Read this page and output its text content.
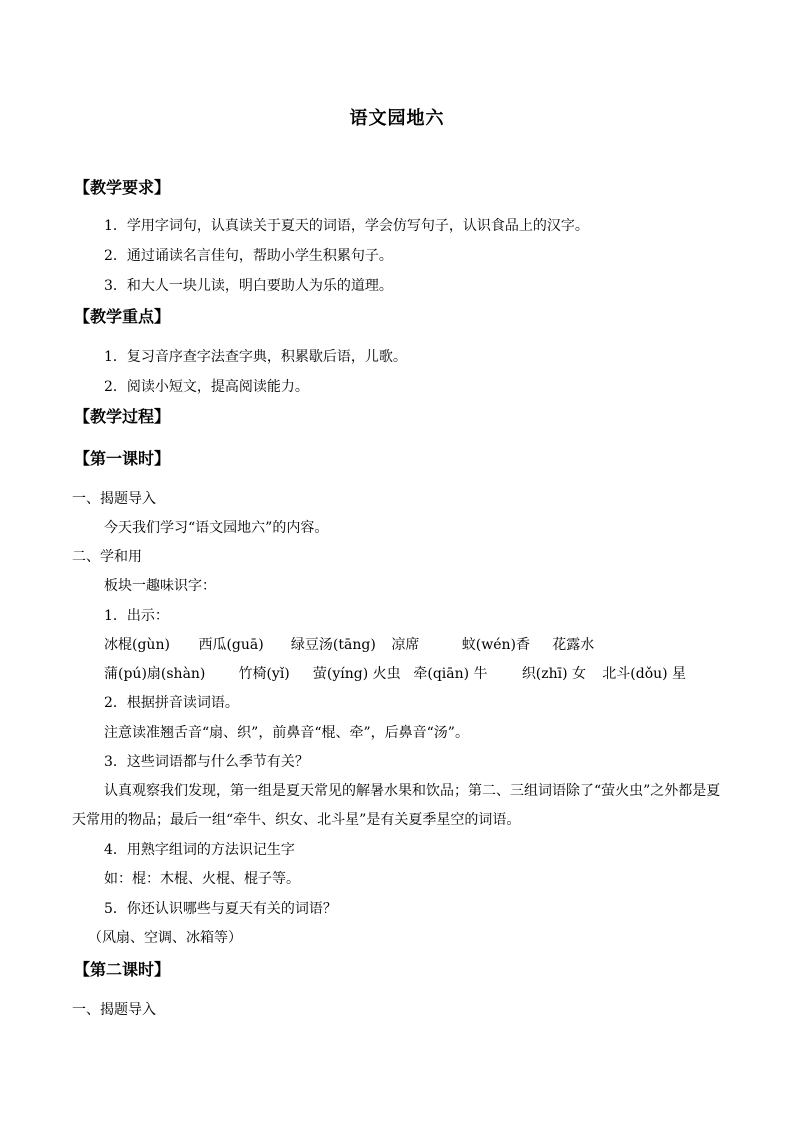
语文园地六
【教学要求】
1．学用字词句，认真读关于夏天的词语，学会仿写句子，认识食品上的汉字。
2．通过诵读名言佳句，帮助小学生积累句子。
3．和大人一块儿读，明白要助人为乐的道理。
【教学重点】
1．复习音序查字法查字典，积累歇后语，儿歌。
2．阅读小短文，提高阅读能力。
【教学过程】
【第一课时】
一、揭题导入
今天我们学习“语文园地六”的内容。
二、学和用
板块一趣味识字：
1．出示：
冰棍(gùn) 西瓜(guā) 绿豆汤(tāng) 凉席	蚊(wén)香 花露水
蒲(pú)扇(shàn) 竹椅(yǐ) 萤(yíng) 火虫 牵(qiān) 牛 织(zhī) 女 北斗(dǒu) 星
2．根据拼音读词语。
注意读准翘舌音“扇、织”，前鼻音“棍、牵”，后鼻音“汤”。
3．这些词语都与什么季节有关？
认真观察我们发现，第一组是夏天常见的解暑水果和饮品；第二、三组词语除了“萤火虫”之外都是夏天常用的物品；最后一组“牵牛、织女、北斗星”是有关夏季星空的词语。
4．用熟字组词的方法识记生字
如：棍：木棍、火棍、棍子等。
5．你还认识哪些与夏天有关的词语？
（风扇、空调、冰箱等）
【第二课时】
一、揭题导入
